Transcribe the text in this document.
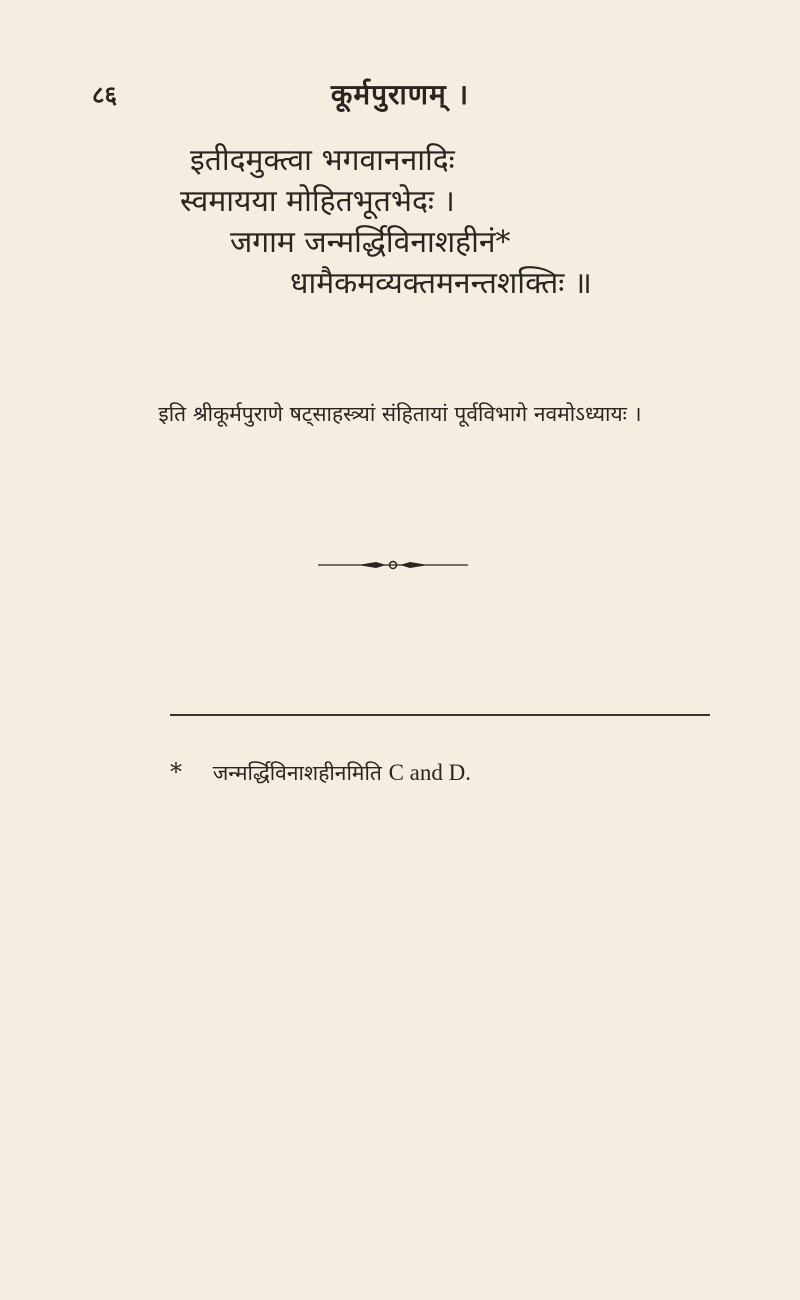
८६	कूर्मपुराणम् ।
इतीदमुक्त्वा भगवाननादिः
स्वमायया मोहितभूतभेदः ।
जगाम जन्मर्द्धिविनाशहीनं*
धामैकमव्यक्तमनन्तशक्तिः ॥
इति श्रीकूर्मपुराणे षट्साहस्त्र्यां संहितायां पूर्वविभागे नवमोऽध्यायः ।
* जन्मर्द्धिविनाशहीनमिति C and D.
